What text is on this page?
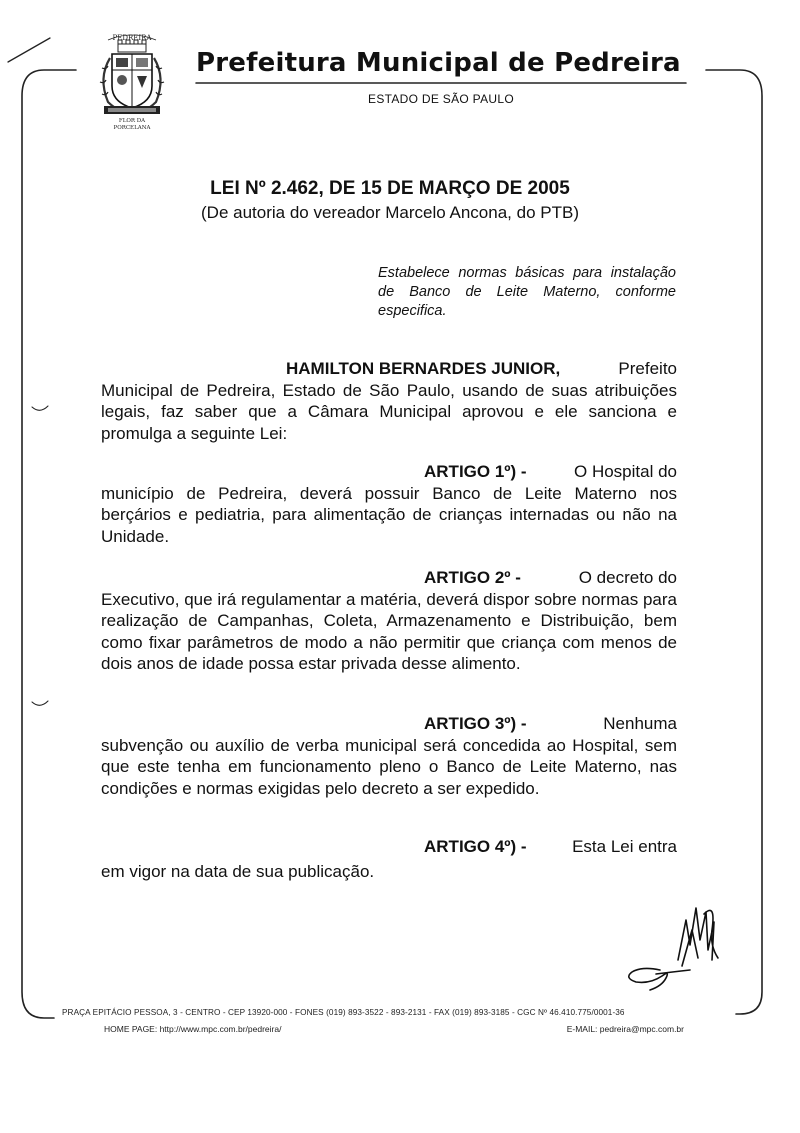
PEDREIRA
FLOR DA
PORCELANA
Prefeitura Municipal de Pedreira
ESTADO DE SÃO PAULO
LEI Nº 2.462, DE 15 DE MARÇO DE 2005
(De autoria do vereador Marcelo Ancona, do PTB)
Estabelece normas básicas para instalação de Banco de Leite Materno, conforme especifica.
HAMILTON BERNARDES JUNIOR,	Prefeito
Municipal de Pedreira, Estado de São Paulo, usando de suas atribuições legais, faz saber que a Câmara Municipal aprovou e ele sanciona e promulga a seguinte Lei:
ARTIGO 1º) -	O Hospital do
município de Pedreira, deverá possuir Banco de Leite Materno nos berçários e pediatria, para alimentação de crianças internadas ou não na Unidade.
ARTIGO 2º -	O decreto do
Executivo, que irá regulamentar a matéria, deverá dispor sobre normas para realização de Campanhas, Coleta, Armazenamento e Distribuição, bem como fixar parâmetros de modo a não permitir que criança com menos de dois anos de idade possa estar privada desse alimento.
ARTIGO 3º) -	Nenhuma
subvenção ou auxílio de verba municipal será concedida ao Hospital, sem que este tenha em funcionamento pleno o Banco de Leite Materno, nas condições e normas exigidas pelo decreto a ser expedido.
ARTIGO 4º) -	Esta Lei entra
em vigor na data de sua publicação.
PRAÇA EPITÁCIO PESSOA, 3 - CENTRO - CEP 13920-000 - FONES (019) 893-3522 - 893-2131 - FAX (019) 893-3185 - CGC Nº 46.410.775/0001-36
HOME PAGE: http://www.mpc.com.br/pedreira/	E-MAIL: pedreira@mpc.com.br
